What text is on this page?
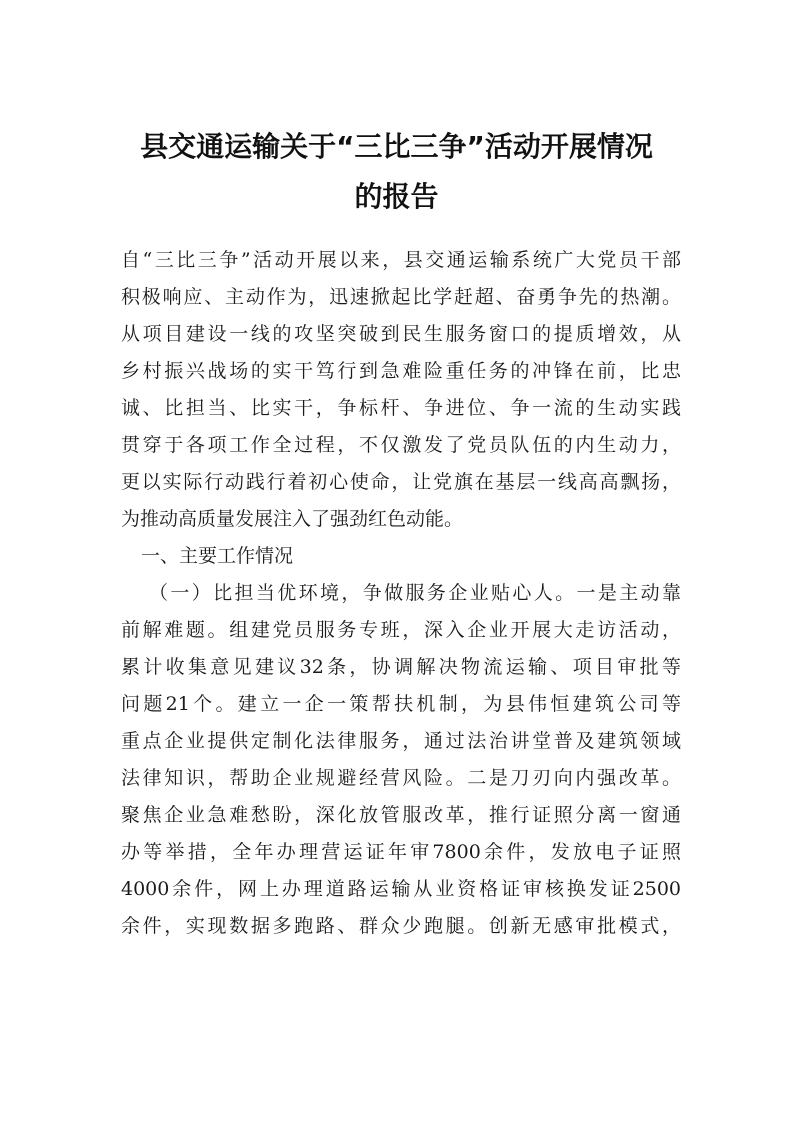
县交通运输关于“三比三争”活动开展情况
的报告
自“三比三争”活动开展以来，县交通运输系统广大党员干部
积极响应、主动作为，迅速掀起比学赶超、奋勇争先的热潮。
从项目建设一线的攻坚突破到民生服务窗口的提质增效，从
乡村振兴战场的实干笃行到急难险重任务的冲锋在前，比忠
诚、比担当、比实干，争标杆、争进位、争一流的生动实践
贯穿于各项工作全过程，不仅激发了党员队伍的内生动力，
更以实际行动践行着初心使命，让党旗在基层一线高高飘扬，
为推动高质量发展注入了强劲红色动能。
一、主要工作情况
（一）比担当优环境，争做服务企业贴心人。一是主动靠
前解难题。组建党员服务专班，深入企业开展大走访活动，
累计收集意见建议32条，协调解决物流运输、项目审批等
问题21个。建立一企一策帮扶机制，为县伟恒建筑公司等
重点企业提供定制化法律服务，通过法治讲堂普及建筑领域
法律知识，帮助企业规避经营风险。二是刀刃向内强改革。
聚焦企业急难愁盼，深化放管服改革，推行证照分离一窗通
办等举措，全年办理营运证年审7800余件，发放电子证照
4000余件，网上办理道路运输从业资格证审核换发证2500
余件，实现数据多跑路、群众少跑腿。创新无感审批模式，
